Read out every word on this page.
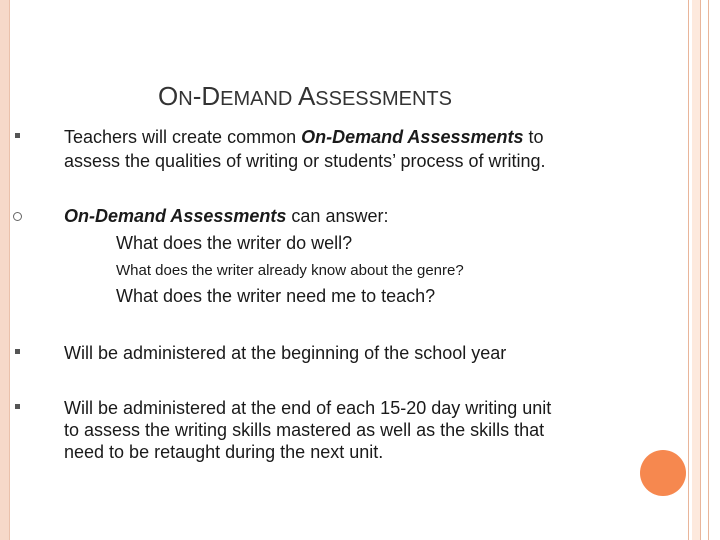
ON-DEMAND ASSESSMENTS

Teachers will create common On-Demand Assessments to

assess the qualities of writing or students’ process of writing.

On-Demand Assessments can answer:

What does the writer do well?

What does the writer already know about the genre?

What does the writer need me to teach?

Will be administered at the beginning of the school year

Will be administered at the end of each 15-20 day writing unit

to assess the writing skills mastered as well as the skills that

need to be retaught during the next unit.
